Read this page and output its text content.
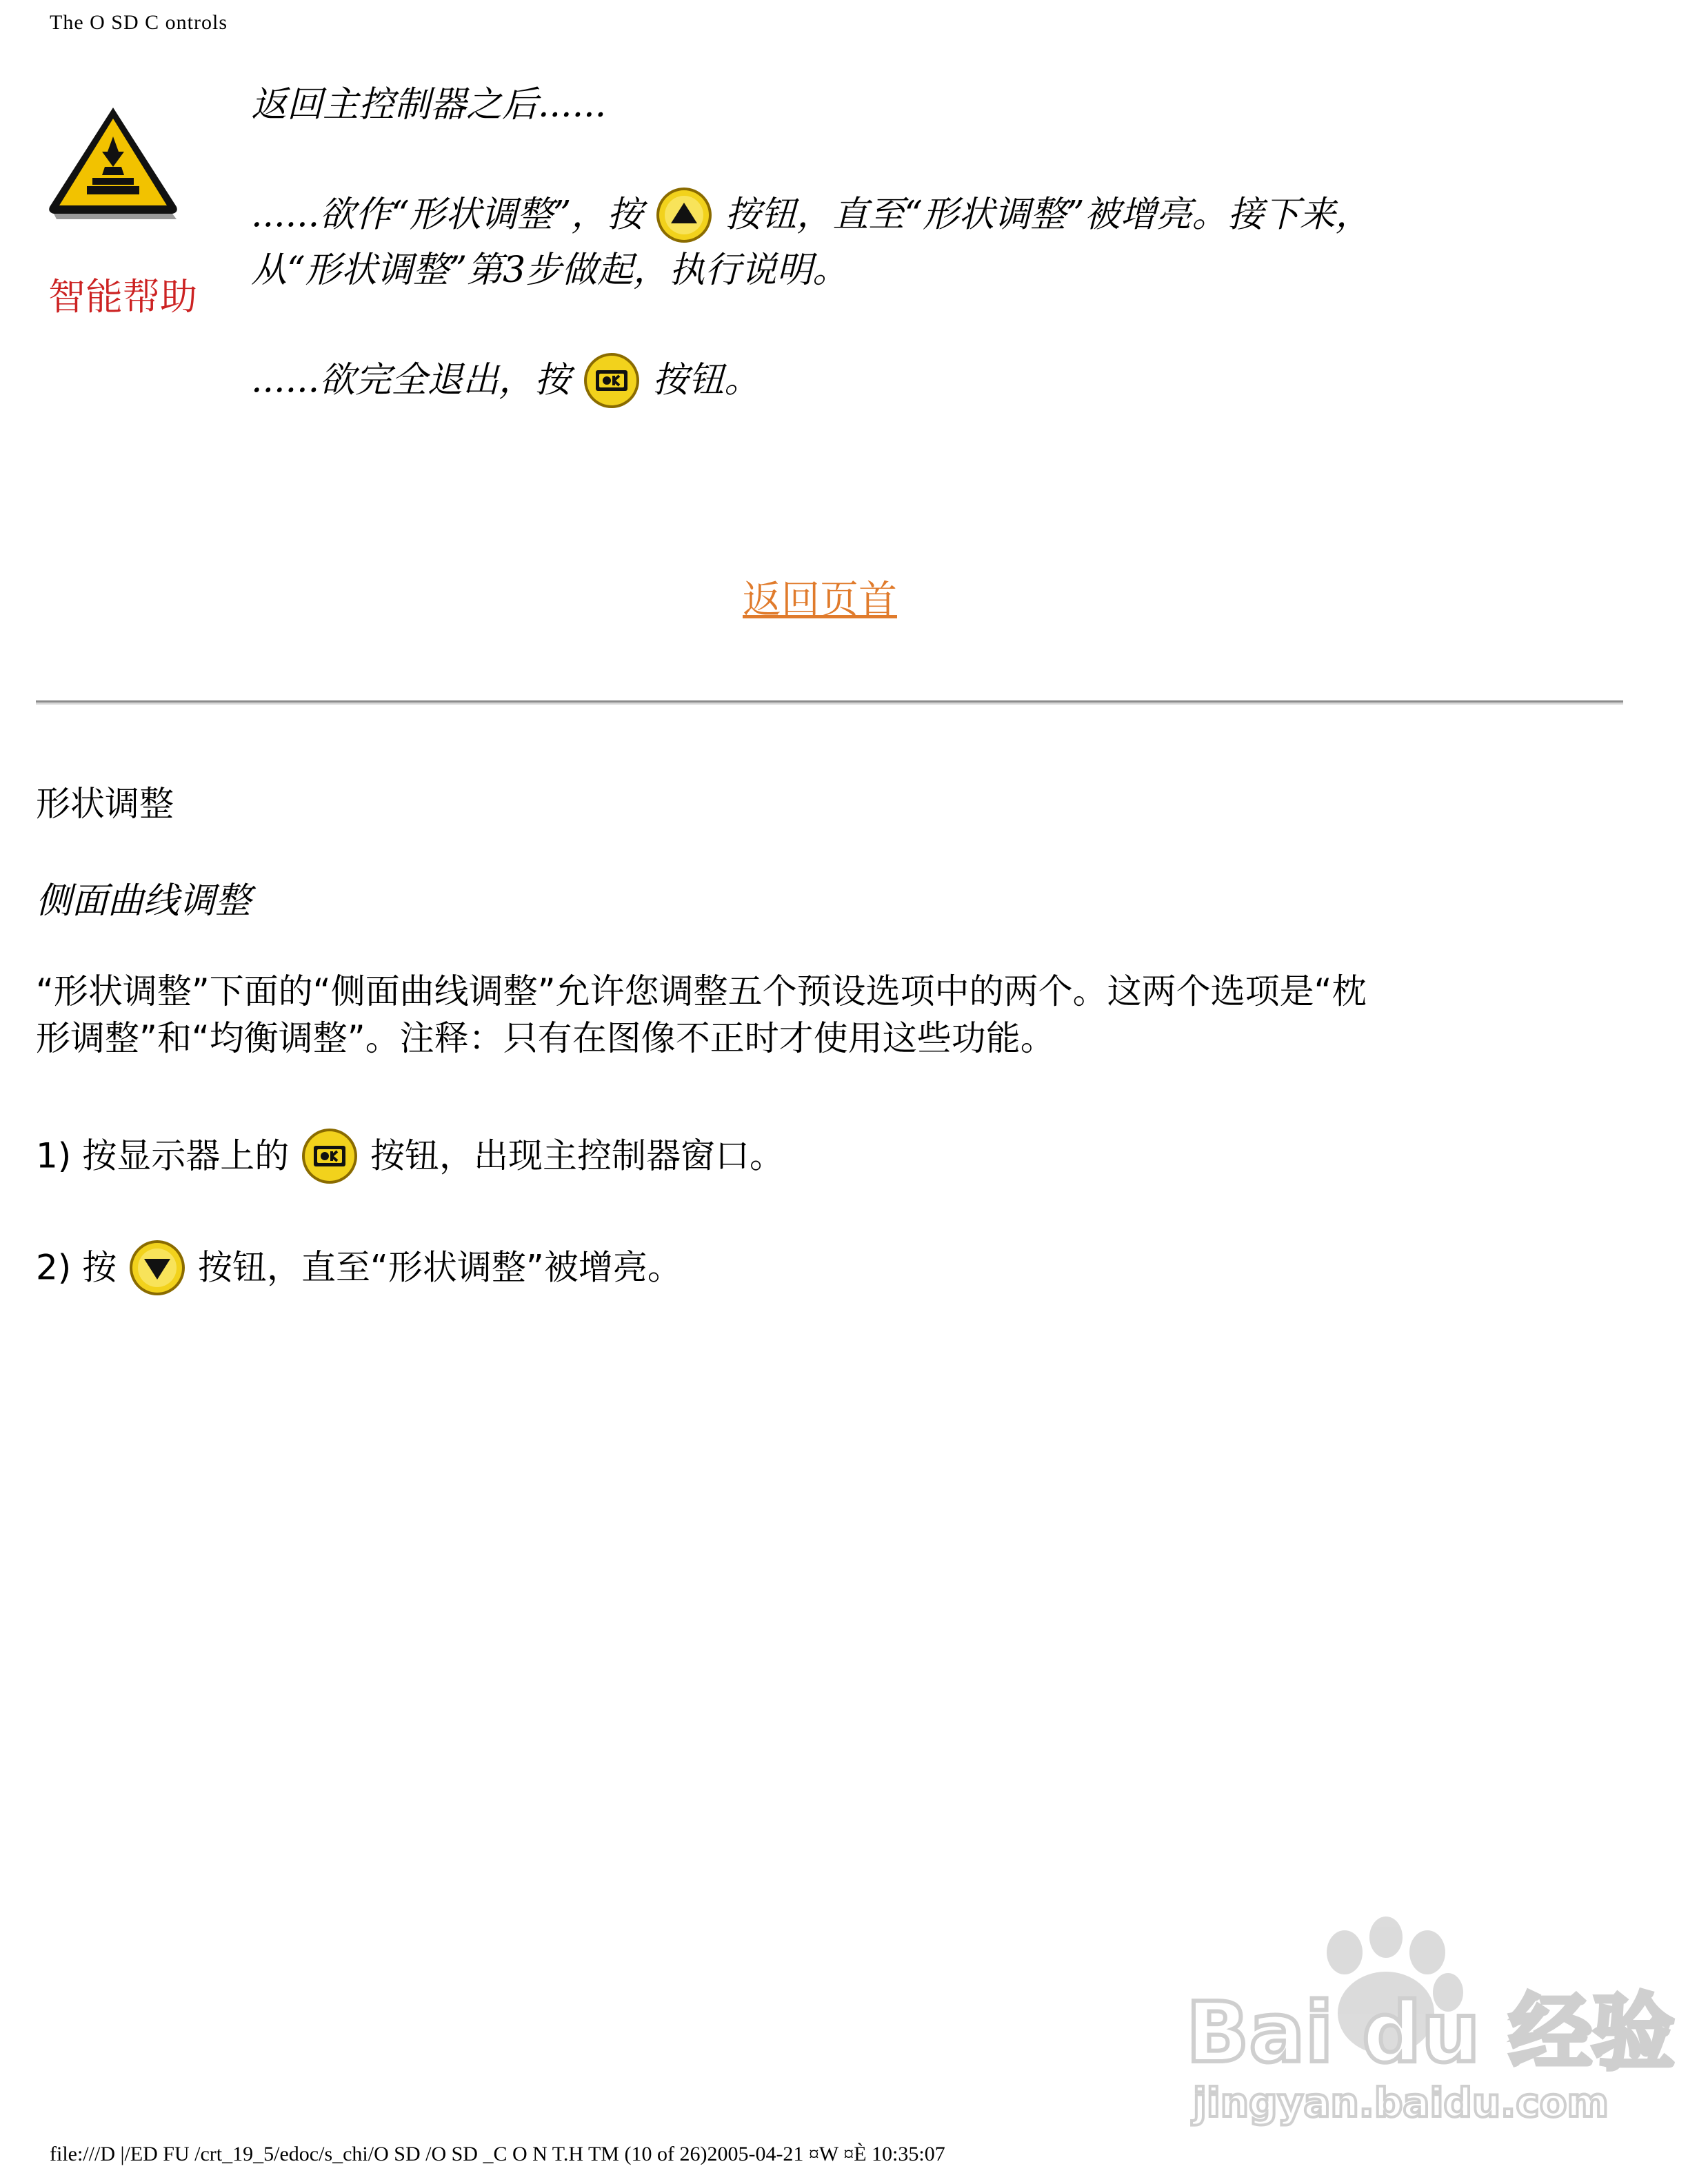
The O SD C ontrols
智能帮助
返回主控制器之后......
......欲作“形状调整”，按 按钮，直至“形状调整”被增亮。接下来，
从“形状调整”第3步做起，执行说明。
......欲完全退出，按 按钮。
返回页首
形状调整
侧面曲线调整
“形状调整”下面的“侧面曲线调整”允许您调整五个预设选项中的两个。这两个选项是“枕
形调整”和“均衡调整”。注释：只有在图像不正时才使用这些功能。
1) 按显示器上的 按钮，出现主控制器窗口。
2) 按 按钮，直至“形状调整”被增亮。
Bai du 经验
jingyan.baidu.com
file:///D |/ED FU /crt_19_5/edoc/s_chi/O SD /O SD _C O N T.H TM (10 of 26)2005-04-21 ¤W ¤È 10:35:07
